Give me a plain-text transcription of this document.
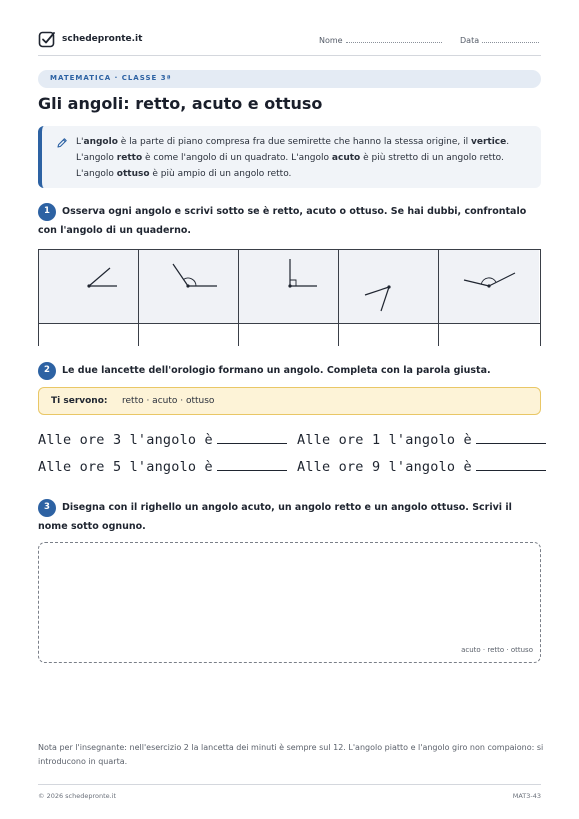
schedepronte.it	Nome	Data
MATEMATICA · CLASSE 3ª
Gli angoli: retto, acuto e ottuso

L'angolo è la parte di piano compresa fra due semirette che hanno la stessa origine, il vertice. L'angolo retto è come l'angolo di un quadrato. L'angolo acuto è più stretto di un angolo retto. L'angolo ottuso è più ampio di un angolo retto.

1 Osserva ogni angolo e scrivi sotto se è retto, acuto o ottuso. Se hai dubbi, confrontalo con l'angolo di un quaderno.
2 Le due lancette dell'orologio formano un angolo. Completa con la parola giusta.
Ti servono: retto · acuto · ottuso
Alle ore 3 l'angolo è	Alle ore 1 l'angolo è
Alle ore 5 l'angolo è	Alle ore 9 l'angolo è
3 Disegna con il righello un angolo acuto, un angolo retto e un angolo ottuso. Scrivi il nome sotto ognuno.
acuto · retto · ottuso
Nota per l'insegnante: nell'esercizio 2 la lancetta dei minuti è sempre sul 12. L'angolo piatto e l'angolo giro non compaiono: si introducono in quarta.
© 2026 schedepronte.it	MAT3-43
